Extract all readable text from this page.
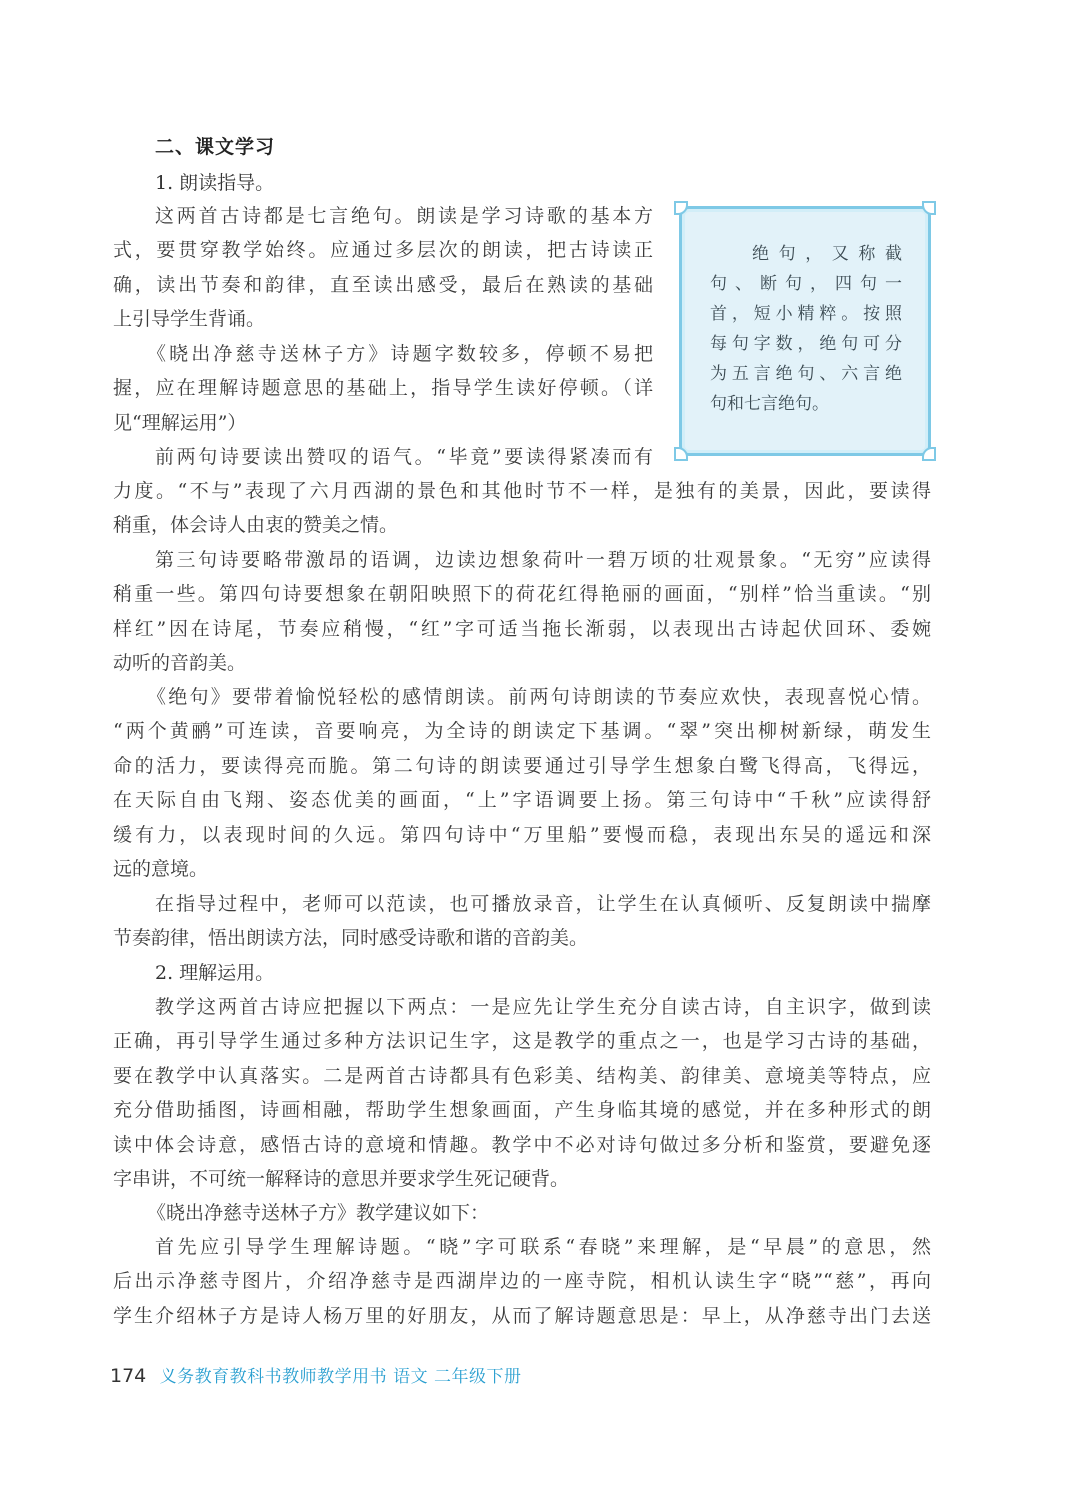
二、课文学习
1. 朗读指导。
这两首古诗都是七言绝句。朗读是学习诗歌的基本方
式，要贯穿教学始终。应通过多层次的朗读，把古诗读正
确，读出节奏和韵律，直至读出感受，最后在熟读的基础
上引导学生背诵。
《晓出净慈寺送林子方》诗题字数较多，停顿不易把
握，应在理解诗题意思的基础上，指导学生读好停顿。（详
见“理解运用”）
前两句诗要读出赞叹的语气。“毕竟”要读得紧凑而有
力度。“不与”表现了六月西湖的景色和其他时节不一样，是独有的美景，因此，要读得
稍重，体会诗人由衷的赞美之情。
第三句诗要略带激昂的语调，边读边想象荷叶一碧万顷的壮观景象。“无穷”应读得
稍重一些。第四句诗要想象在朝阳映照下的荷花红得艳丽的画面，“别样”恰当重读。“别
样红”因在诗尾，节奏应稍慢，“红”字可适当拖长渐弱，以表现出古诗起伏回环、委婉
动听的音韵美。
《绝句》要带着愉悦轻松的感情朗读。前两句诗朗读的节奏应欢快，表现喜悦心情。
“两个黄鹂”可连读，音要响亮，为全诗的朗读定下基调。“翠”突出柳树新绿，萌发生
命的活力，要读得亮而脆。第二句诗的朗读要通过引导学生想象白鹭飞得高，飞得远，
在天际自由飞翔、姿态优美的画面，“上”字语调要上扬。第三句诗中“千秋”应读得舒
缓有力，以表现时间的久远。第四句诗中“万里船”要慢而稳，表现出东吴的遥远和深
远的意境。
在指导过程中，老师可以范读，也可播放录音，让学生在认真倾听、反复朗读中揣摩
节奏韵律，悟出朗读方法，同时感受诗歌和谐的音韵美。
2. 理解运用。
教学这两首古诗应把握以下两点：一是应先让学生充分自读古诗，自主识字，做到读
正确，再引导学生通过多种方法识记生字，这是教学的重点之一，也是学习古诗的基础，
要在教学中认真落实。二是两首古诗都具有色彩美、结构美、韵律美、意境美等特点，应
充分借助插图，诗画相融，帮助学生想象画面，产生身临其境的感觉，并在多种形式的朗
读中体会诗意，感悟古诗的意境和情趣。教学中不必对诗句做过多分析和鉴赏，要避免逐
字串讲，不可统一解释诗的意思并要求学生死记硬背。
《晓出净慈寺送林子方》教学建议如下：
首先应引导学生理解诗题。“晓”字可联系“春晓”来理解，是“早晨”的意思，然
后出示净慈寺图片，介绍净慈寺是西湖岸边的一座寺院，相机认读生字“晓”“慈”，再向
学生介绍林子方是诗人杨万里的好朋友，从而了解诗题意思是：早上，从净慈寺出门去送
绝句，又称截
句、断句，四句一
首，短小精粹。按照
每句字数，绝句可分
为五言绝句、六言绝
句和七言绝句。
174 义务教育教科书教师教学用书 语文 二年级下册
